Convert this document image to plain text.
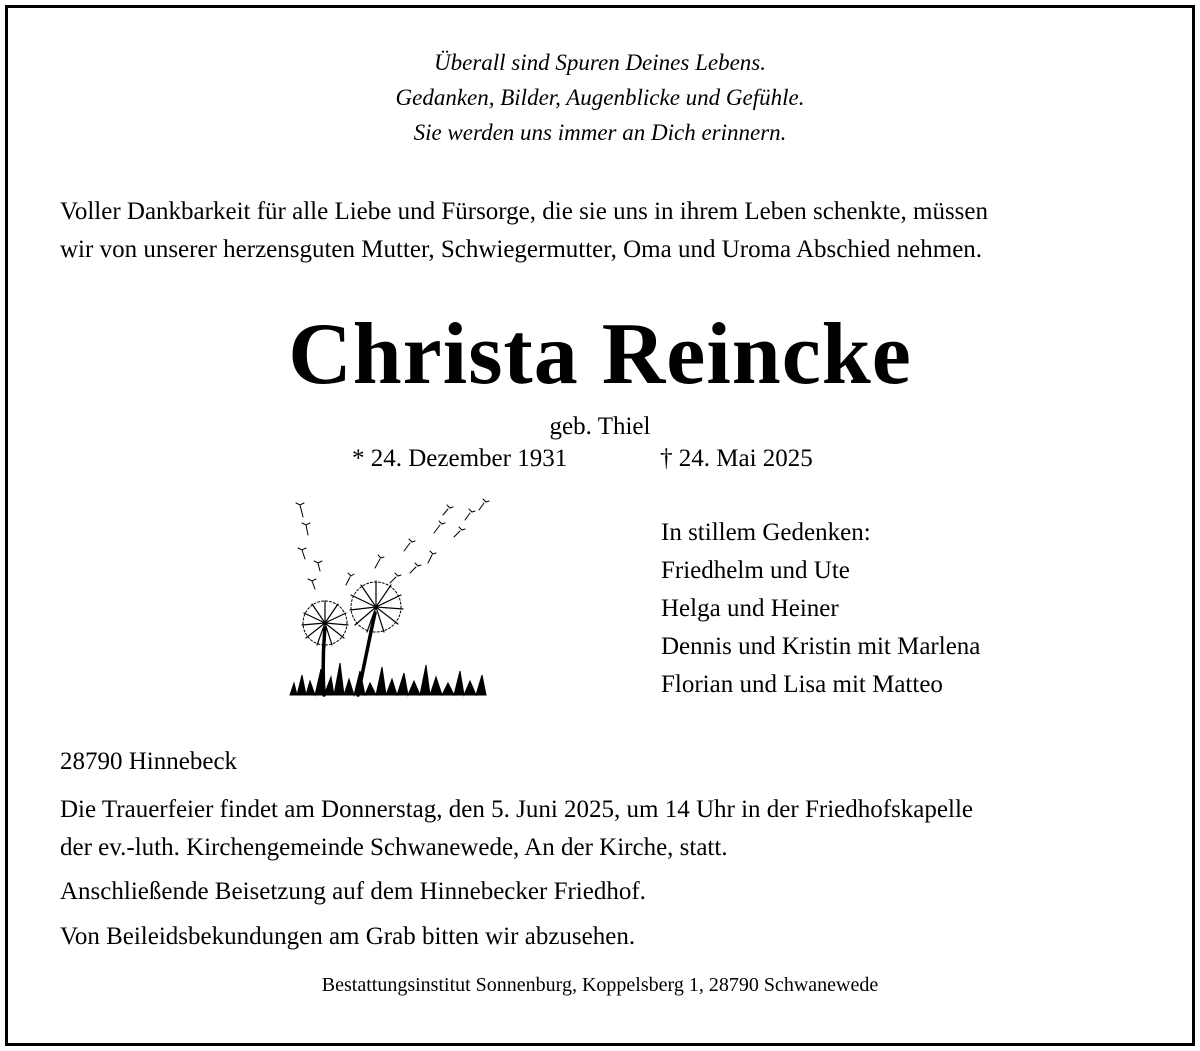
Überall sind Spuren Deines Lebens.

Gedanken, Bilder, Augenblicke und Gefühle.

Sie werden uns immer an Dich erinnern.

Voller Dankbarkeit für alle Liebe und Fürsorge, die sie uns in ihrem Leben schenkte, müssen

wir von unserer herzensguten Mutter, Schwiegermutter, Oma und Uroma Abschied nehmen.

Christa Reincke

geb. Thiel

* 24. Dezember 1931	† 24. Mai 2025

In stillem Gedenken:

Friedhelm und Ute

Helga und Heiner

Dennis und Kristin mit Marlena

Florian und Lisa mit Matteo

28790 Hinnebeck

Die Trauerfeier findet am Donnerstag, den 5. Juni 2025, um 14 Uhr in der Friedhofskapelle

der ev.-luth. Kirchengemeinde Schwanewede, An der Kirche, statt.

Anschließende Beisetzung auf dem Hinnebecker Friedhof.

Von Beileidsbekundungen am Grab bitten wir abzusehen.

Bestattungsinstitut Sonnenburg, Koppelsberg 1, 28790 Schwanewede
